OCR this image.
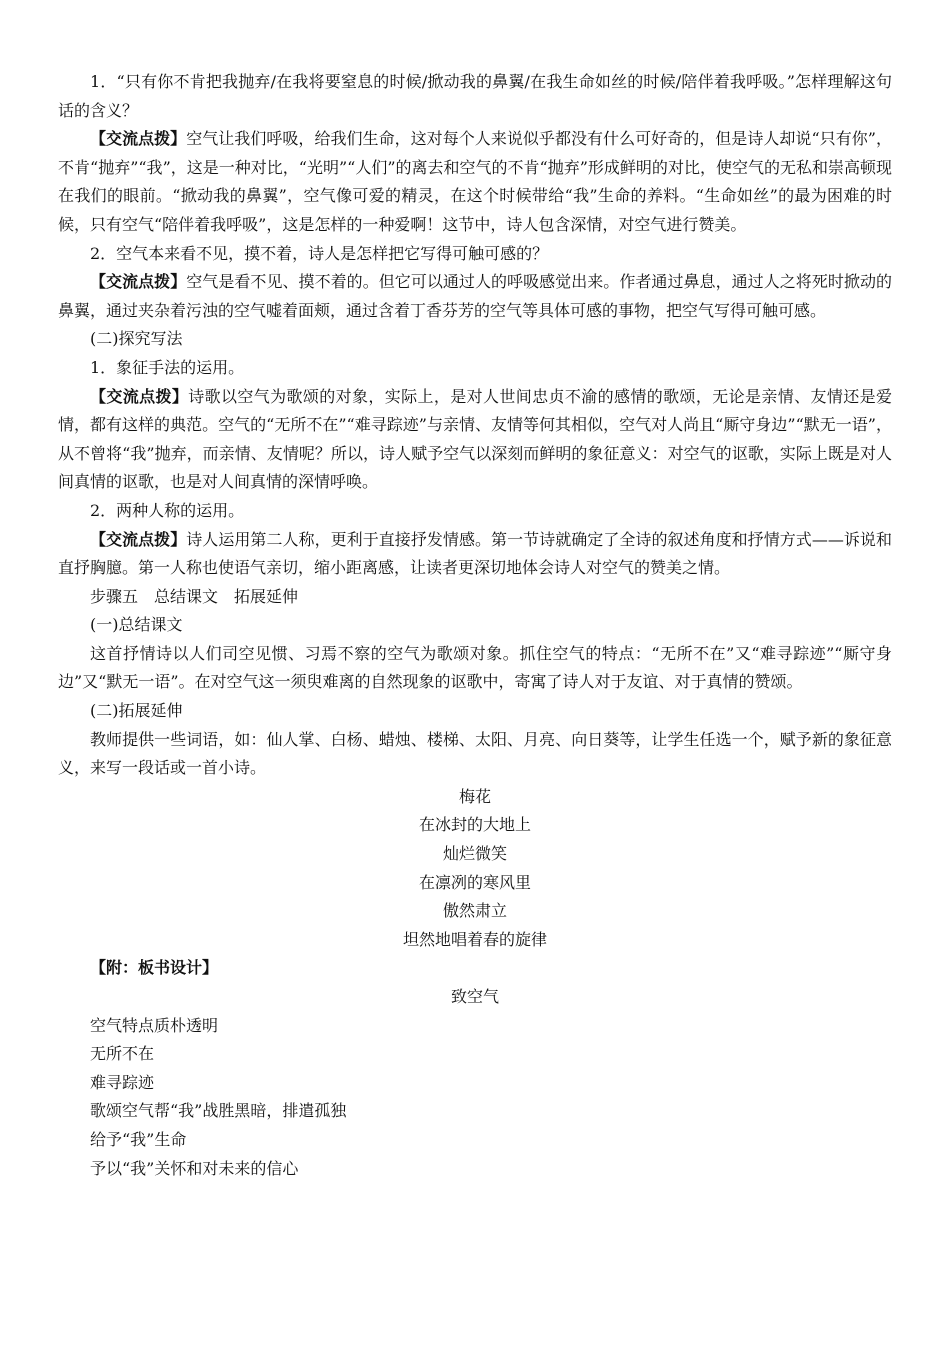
1．“只有你不肯把我抛弃/在我将要窒息的时候/掀动我的鼻翼/在我生命如丝的时候/陪伴着我呼吸。”怎样理解这句话的含义？

【交流点拨】空气让我们呼吸，给我们生命，这对每个人来说似乎都没有什么可好奇的，但是诗人却说“只有你”，不肯“抛弃”“我”，这是一种对比，“光明”“人们”的离去和空气的不肯“抛弃”形成鲜明的对比，使空气的无私和崇高顿现在我们的眼前。“掀动我的鼻翼”，空气像可爱的精灵，在这个时候带给“我”生命的养料。“生命如丝”的最为困难的时候，只有空气“陪伴着我呼吸”，这是怎样的一种爱啊！这节中，诗人包含深情，对空气进行赞美。

2．空气本来看不见，摸不着，诗人是怎样把它写得可触可感的？

【交流点拨】空气是看不见、摸不着的。但它可以通过人的呼吸感觉出来。作者通过鼻息，通过人之将死时掀动的鼻翼，通过夹杂着污浊的空气嘘着面颊，通过含着丁香芬芳的空气等具体可感的事物，把空气写得可触可感。

(二)探究写法

1．象征手法的运用。

【交流点拨】诗歌以空气为歌颂的对象，实际上，是对人世间忠贞不渝的感情的歌颂，无论是亲情、友情还是爱情，都有这样的典范。空气的“无所不在”“难寻踪迹”与亲情、友情等何其相似，空气对人尚且“厮守身边”“默无一语”，从不曾将“我”抛弃，而亲情、友情呢？所以，诗人赋予空气以深刻而鲜明的象征意义：对空气的讴歌，实际上既是对人间真情的讴歌，也是对人间真情的深情呼唤。

2．两种人称的运用。

【交流点拨】诗人运用第二人称，更利于直接抒发情感。第一节诗就确定了全诗的叙述角度和抒情方式——诉说和直抒胸臆。第一人称也使语气亲切，缩小距离感，让读者更深切地体会诗人对空气的赞美之情。

步骤五　总结课文　拓展延伸

(一)总结课文

这首抒情诗以人们司空见惯、习焉不察的空气为歌颂对象。抓住空气的特点：“无所不在”又“难寻踪迹”“厮守身边”又“默无一语”。在对空气这一须臾难离的自然现象的讴歌中，寄寓了诗人对于友谊、对于真情的赞颂。

(二)拓展延伸

教师提供一些词语，如：仙人掌、白杨、蜡烛、楼梯、太阳、月亮、向日葵等，让学生任选一个，赋予新的象征意义，来写一段话或一首小诗。

梅花

在冰封的大地上

灿烂微笑

在凛冽的寒风里

傲然肃立

坦然地唱着春的旋律

【附：板书设计】

致空气

空气特点质朴透明

无所不在

难寻踪迹

歌颂空气帮“我”战胜黑暗，排遣孤独

给予“我”生命

予以“我”关怀和对未来的信心
